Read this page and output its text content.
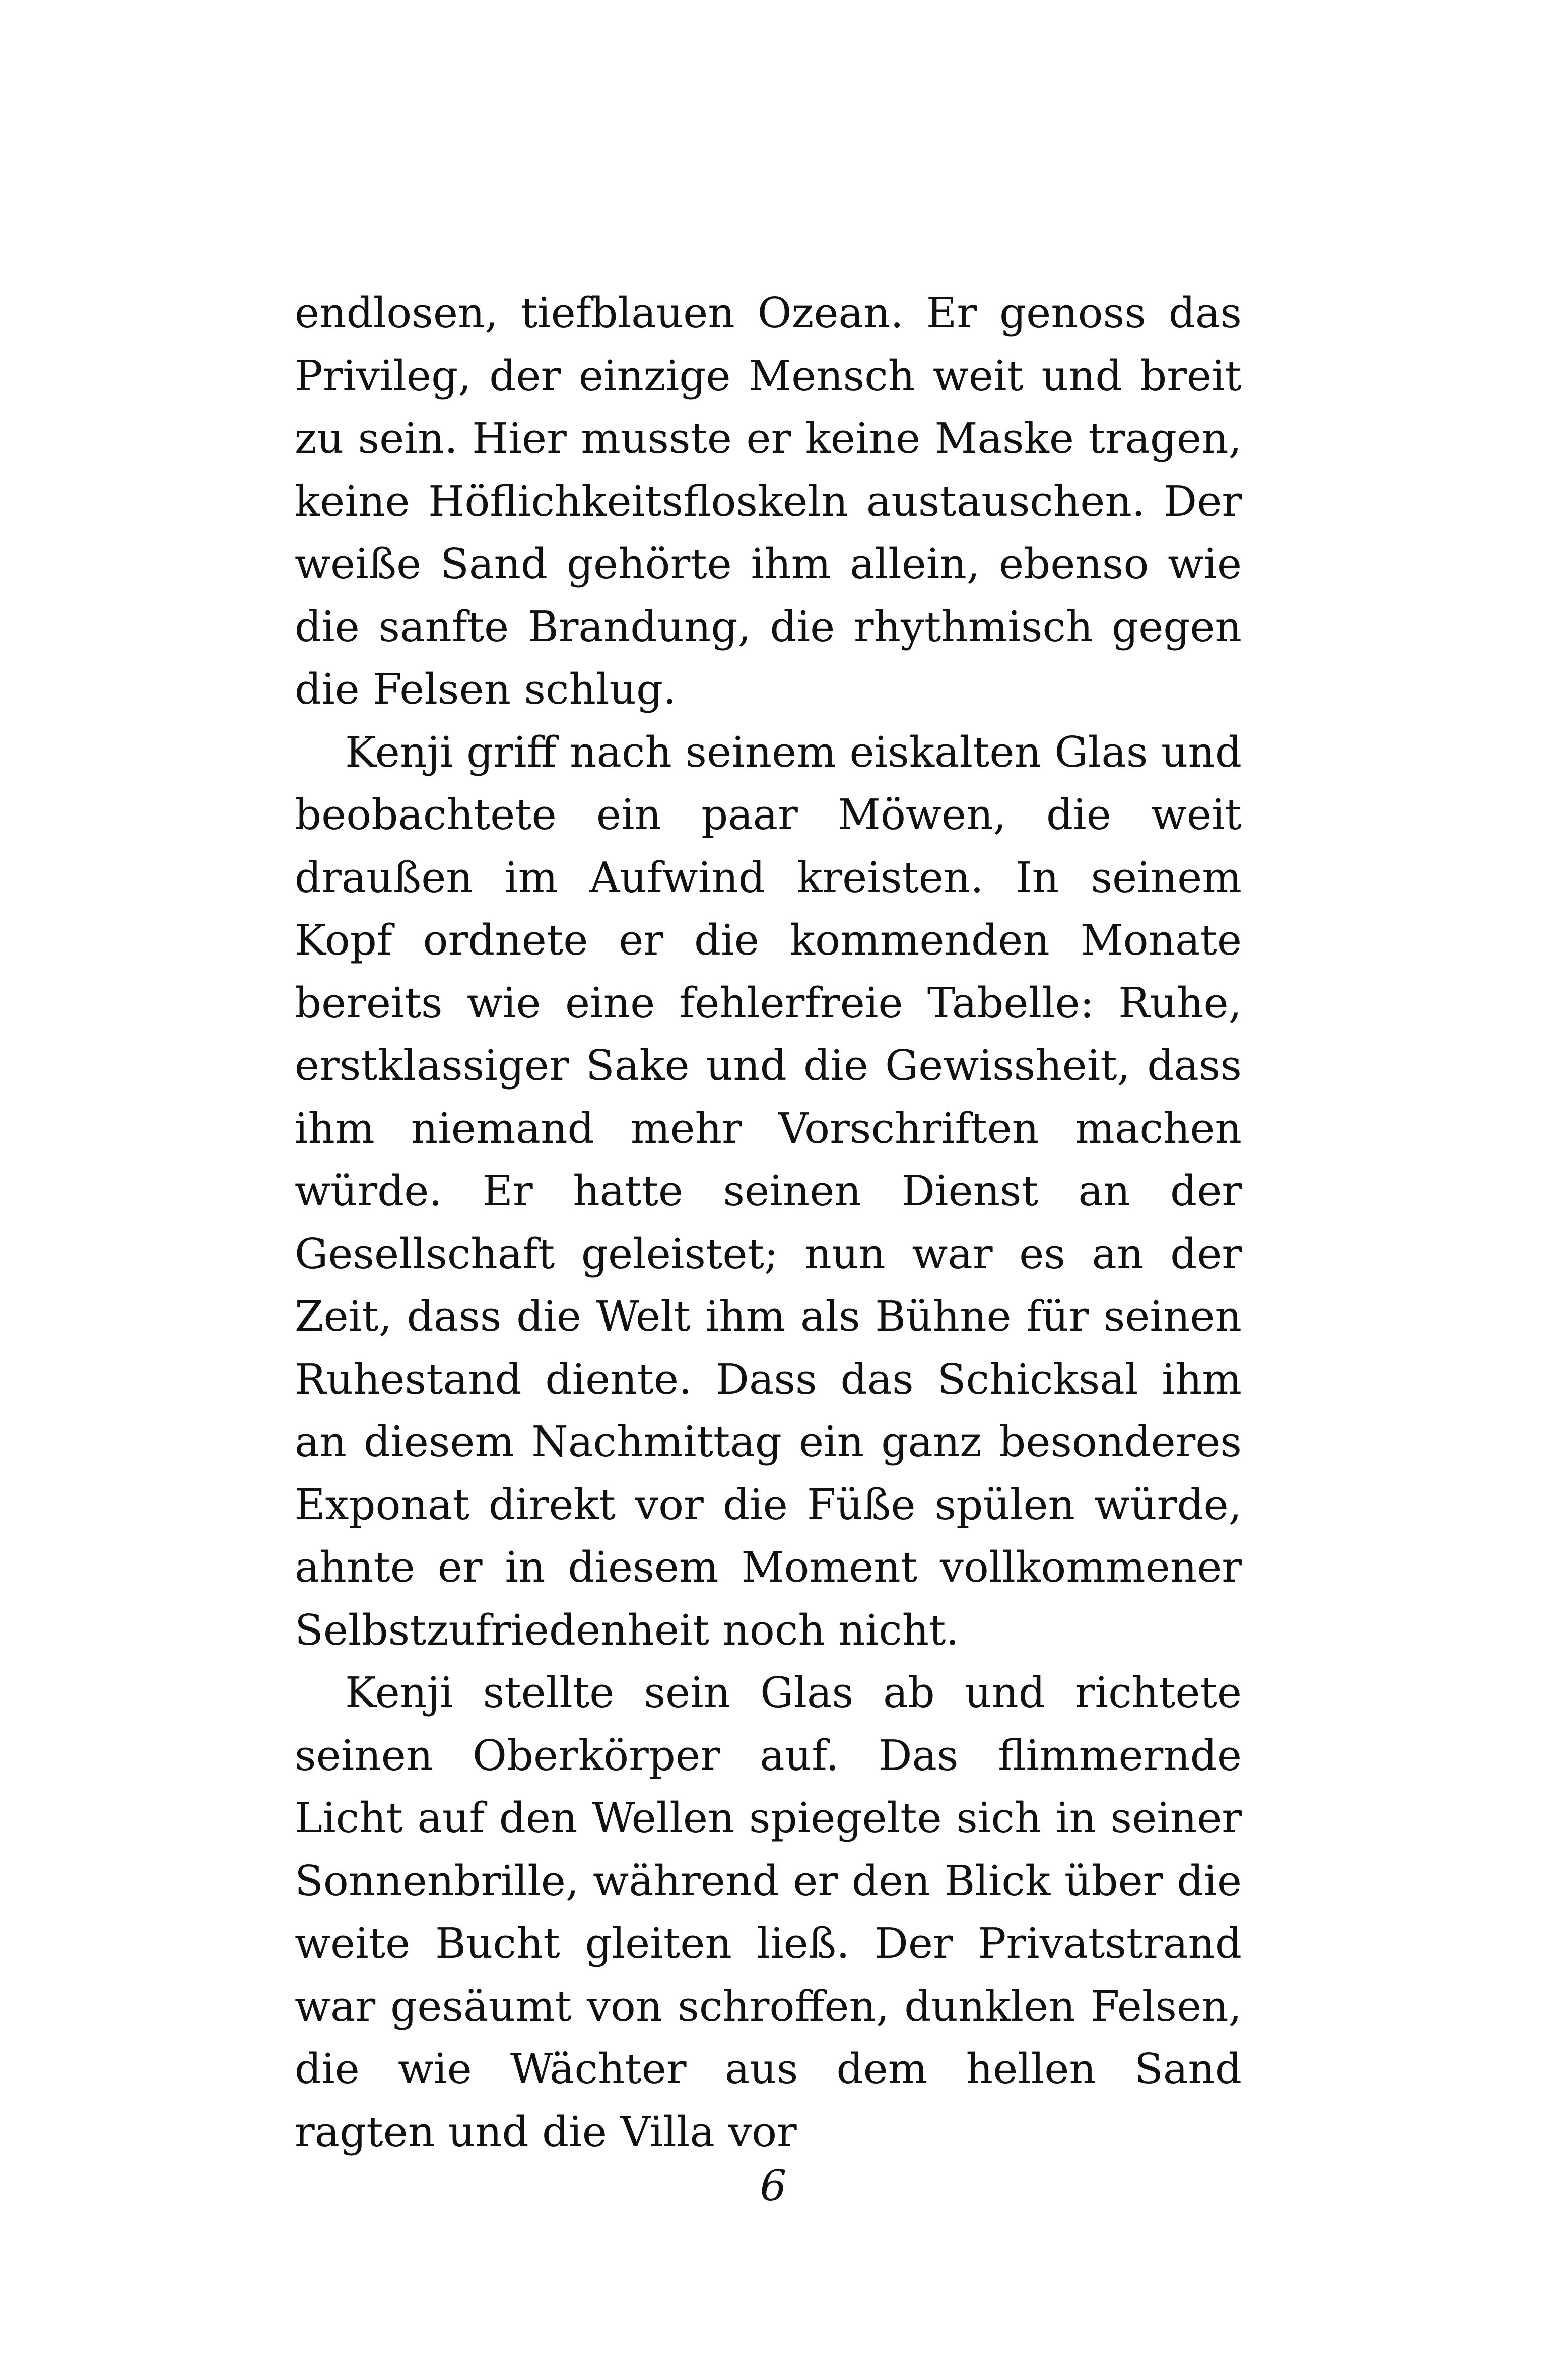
endlosen, tiefblauen Ozean. Er genoss das Privileg, der einzige Mensch weit und breit zu sein. Hier musste er keine Maske tragen, keine Höflichkeitsfloskeln austauschen. Der weiße Sand gehörte ihm allein, ebenso wie die sanfte Brandung, die rhythmisch gegen die Felsen schlug.

Kenji griff nach seinem eiskalten Glas und beobachtete ein paar Möwen, die weit draußen im Aufwind kreisten. In seinem Kopf ordnete er die kommenden Monate bereits wie eine fehlerfreie Tabelle: Ruhe, erstklassiger Sake und die Gewissheit, dass ihm niemand mehr Vorschriften machen würde. Er hatte seinen Dienst an der Gesellschaft geleistet; nun war es an der Zeit, dass die Welt ihm als Bühne für seinen Ruhestand diente. Dass das Schicksal ihm an diesem Nachmittag ein ganz besonderes Exponat direkt vor die Füße spülen würde, ahnte er in diesem Moment vollkommener Selbstzufriedenheit noch nicht.

Kenji stellte sein Glas ab und richtete seinen Oberkörper auf. Das flimmernde Licht auf den Wellen spiegelte sich in seiner Sonnenbrille, während er den Blick über die weite Bucht gleiten ließ. Der Privatstrand war gesäumt von schroffen, dunklen Felsen, die wie Wächter aus dem hellen Sand ragten und die Villa vor

6
